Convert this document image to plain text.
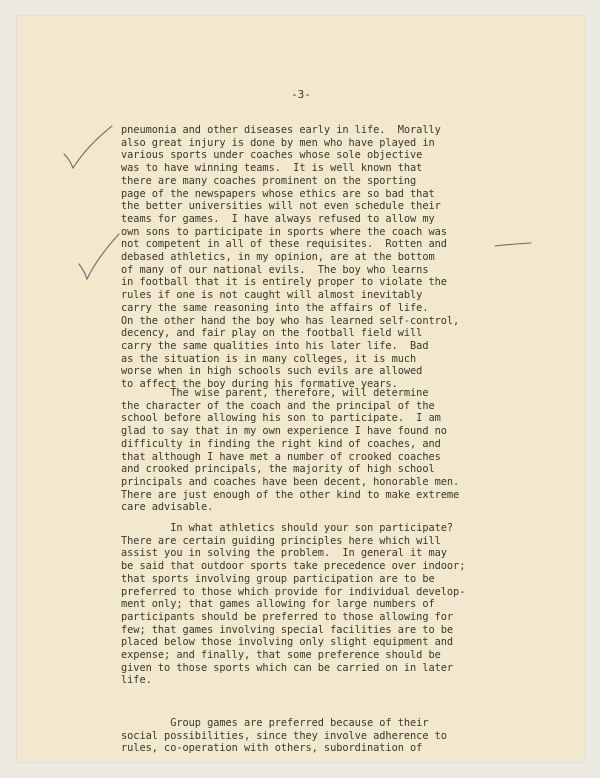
′
-3-

pneumonia and other diseases early in life.  Morally
also great injury is done by men who have played in
various sports under coaches whose sole objective
was to have winning teams.  It is well known that
there are many coaches prominent on the sporting
page of the newspapers whose ethics are so bad that
the better universities will not even schedule their
teams for games.  I have always refused to allow my
own sons to participate in sports where the coach was
not competent in all of these requisites.  Rotten and
debased athletics, in my opinion, are at the bottom
of many of our national evils.  The boy who learns
in football that it is entirely proper to violate the
rules if one is not caught will almost inevitably
carry the same reasoning into the affairs of life.
On the other hand the boy who has learned self-control,
decency, and fair play on the football field will
carry the same qualities into his later life.  Bad
as the situation is in many colleges, it is much
worse when in high schools such evils are allowed
to affect the boy during his formative years.

The wise parent, therefore, will determine
the character of the coach and the principal of the
school before allowing his son to participate.  I am
glad to say that in my own experience I have found no
difficulty in finding the right kind of coaches, and
that although I have met a number of crooked coaches
and crooked principals, the majority of high school
principals and coaches have been decent, honorable men.
There are just enough of the other kind to make extreme
care advisable.

In what athletics should your son participate?
There are certain guiding principles here which will
assist you in solving the problem.  In general it may
be said that outdoor sports take precedence over indoor;
that sports involving group participation are to be
preferred to those which provide for individual develop-
ment only; that games allowing for large numbers of
participants should be preferred to those allowing for
few; that games involving special facilities are to be
placed below those involving only slight equipment and
expense; and finally, that some preference should be
given to those sports which can be carried on in later
life.

Group games are preferred because of their
social possibilities, since they involve adherence to
rules, co-operation with others, subordination of
